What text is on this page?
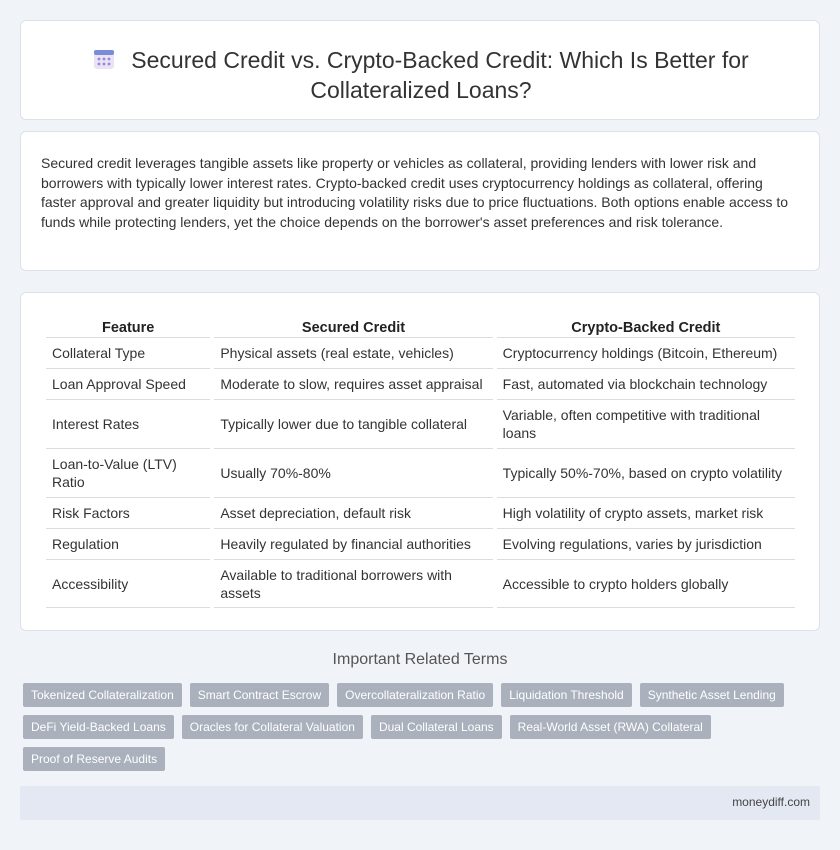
Secured Credit vs. Crypto-Backed Credit: Which Is Better for Collateralized Loans?

Secured credit leverages tangible assets like property or vehicles as collateral, providing lenders with lower risk and borrowers with typically lower interest rates. Crypto-backed credit uses cryptocurrency holdings as collateral, offering faster approval and greater liquidity but introducing volatility risks due to price fluctuations. Both options enable access to funds while protecting lenders, yet the choice depends on the borrower's asset preferences and risk tolerance.

Feature	Secured Credit	Crypto-Backed Credit
Collateral Type	Physical assets (real estate, vehicles)	Cryptocurrency holdings (Bitcoin, Ethereum)
Loan Approval Speed	Moderate to slow, requires asset appraisal	Fast, automated via blockchain technology
Interest Rates	Typically lower due to tangible collateral	Variable, often competitive with traditional loans
Loan-to-Value (LTV) Ratio	Usually 70%-80%	Typically 50%-70%, based on crypto volatility
Risk Factors	Asset depreciation, default risk	High volatility of crypto assets, market risk
Regulation	Heavily regulated by financial authorities	Evolving regulations, varies by jurisdiction
Accessibility	Available to traditional borrowers with assets	Accessible to crypto holders globally
Important Related Terms
Tokenized Collateralization	Smart Contract Escrow	Overcollateralization Ratio	Liquidation Threshold	Synthetic Asset Lending
DeFi Yield-Backed Loans	Oracles for Collateral Valuation	Dual Collateral Loans	Real-World Asset (RWA) Collateral
Proof of Reserve Audits
moneydiff.com
